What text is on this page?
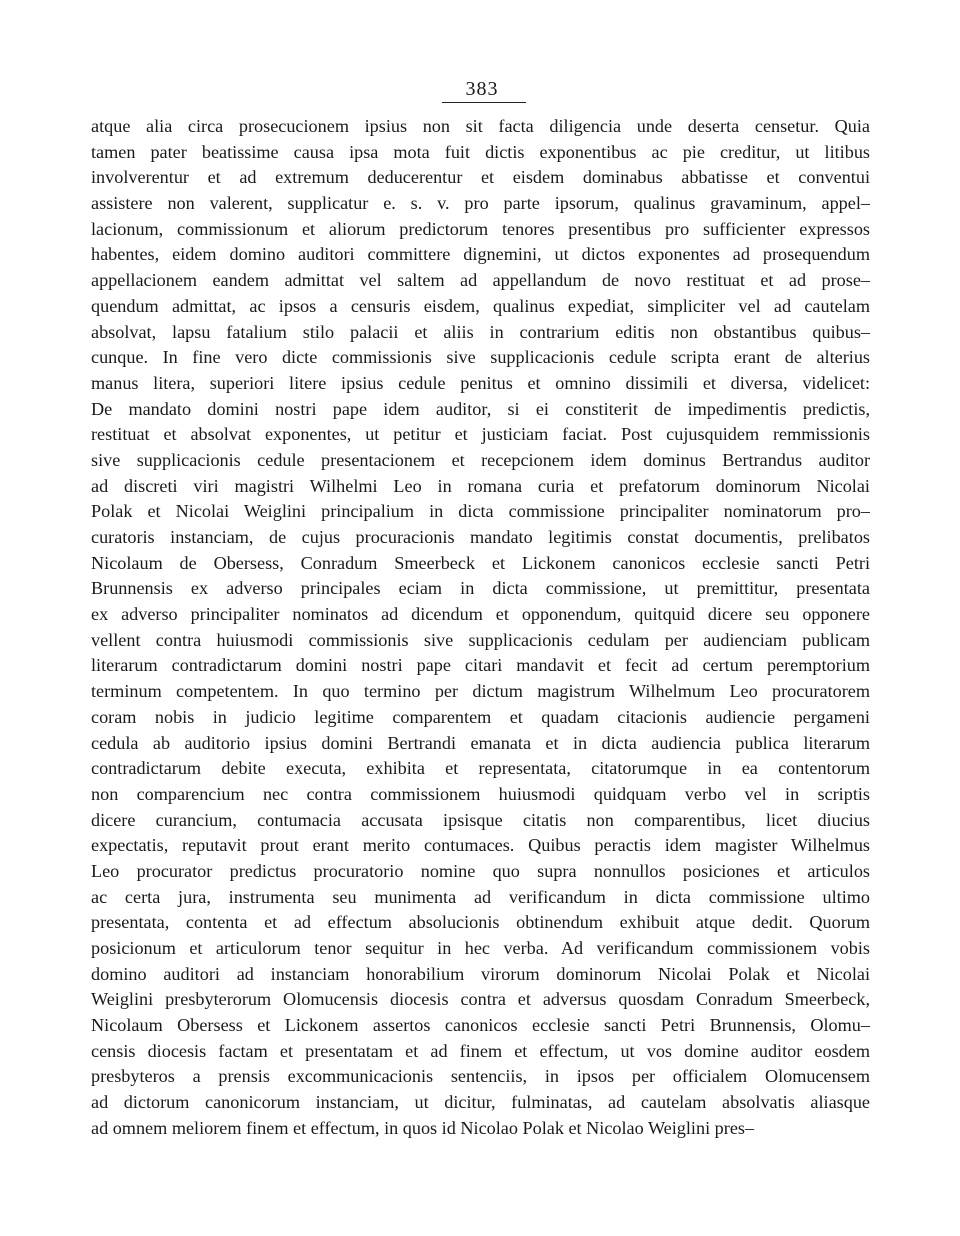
383
atque alia circa prosecucionem ipsius non sit facta diligencia unde deserta censetur. Quia
tamen pater beatissime causa ipsa mota fuit dictis exponentibus ac pie creditur, ut litibus
involverentur et ad extremum deducerentur et eisdem dominabus abbatisse et conventui
assistere non valerent, supplicatur e. s. v. pro parte ipsorum, qualinus gravaminum, appel–
lacionum, commissionum et aliorum predictorum tenores presentibus pro sufficienter expressos
habentes, eidem domino auditori committere dignemini, ut dictos exponentes ad prosequendum
appellacionem eandem admittat vel saltem ad appellandum de novo restituat et ad prose–
quendum admittat, ac ipsos a censuris eisdem, qualinus expediat, simpliciter vel ad cautelam
absolvat, lapsu fatalium stilo palacii et aliis in contrarium editis non obstantibus quibus–
cunque. In fine vero dicte commissionis sive supplicacionis cedule scripta erant de alterius
manus litera, superiori litere ipsius cedule penitus et omnino dissimili et diversa, videlicet:
De mandato domini nostri pape idem auditor, si ei constiterit de impedimentis predictis,
restituat et absolvat exponentes, ut petitur et justiciam faciat. Post cujusquidem remmissionis
sive supplicacionis cedule presentacionem et recepcionem idem dominus Bertrandus auditor
ad discreti viri magistri Wilhelmi Leo in romana curia et prefatorum dominorum Nicolai
Polak et Nicolai Weiglini principalium in dicta commissione principaliter nominatorum pro–
curatoris instanciam, de cujus procuracionis mandato legitimis constat documentis, prelibatos
Nicolaum de Obersess, Conradum Smeerbeck et Lickonem canonicos ecclesie sancti Petri
Brunnensis ex adverso principales eciam in dicta commissione, ut premittitur, presentata
ex adverso principaliter nominatos ad dicendum et opponendum, quitquid dicere seu opponere
vellent contra huiusmodi commissionis sive supplicacionis cedulam per audienciam publicam
literarum contradictarum domini nostri pape citari mandavit et fecit ad certum peremptorium
terminum competentem. In quo termino per dictum magistrum Wilhelmum Leo procuratorem
coram nobis in judicio legitime comparentem et quadam citacionis audiencie pergameni
cedula ab auditorio ipsius domini Bertrandi emanata et in dicta audiencia publica literarum
contradictarum debite executa, exhibita et representata, citatorumque in ea contentorum
non comparencium nec contra commissionem huiusmodi quidquam verbo vel in scriptis
dicere curancium, contumacia accusata ipsisque citatis non comparentibus, licet diucius
expectatis, reputavit prout erant merito contumaces. Quibus peractis idem magister Wilhelmus
Leo procurator predictus procuratorio nomine quo supra nonnullos posiciones et articulos
ac certa jura, instrumenta seu munimenta ad verificandum in dicta commissione ultimo
presentata, contenta et ad effectum absolucionis obtinendum exhibuit atque dedit. Quorum
posicionum et articulorum tenor sequitur in hec verba. Ad verificandum commissionem vobis
domino auditori ad instanciam honorabilium virorum dominorum Nicolai Polak et Nicolai
Weiglini presbyterorum Olomucensis diocesis contra et adversus quosdam Conradum Smeerbeck,
Nicolaum Obersess et Lickonem assertos canonicos ecclesie sancti Petri Brunnensis, Olomu–
censis diocesis factam et presentatam et ad finem et effectum, ut vos domine auditor eosdem
presbyteros a prensis excommunicacionis sentenciis, in ipsos per officialem Olomucensem
ad dictorum canonicorum instanciam, ut dicitur, fulminatas, ad cautelam absolvatis aliasque
ad omnem meliorem finem et effectum, in quos id Nicolao Polak et Nicolao Weiglini pres–
